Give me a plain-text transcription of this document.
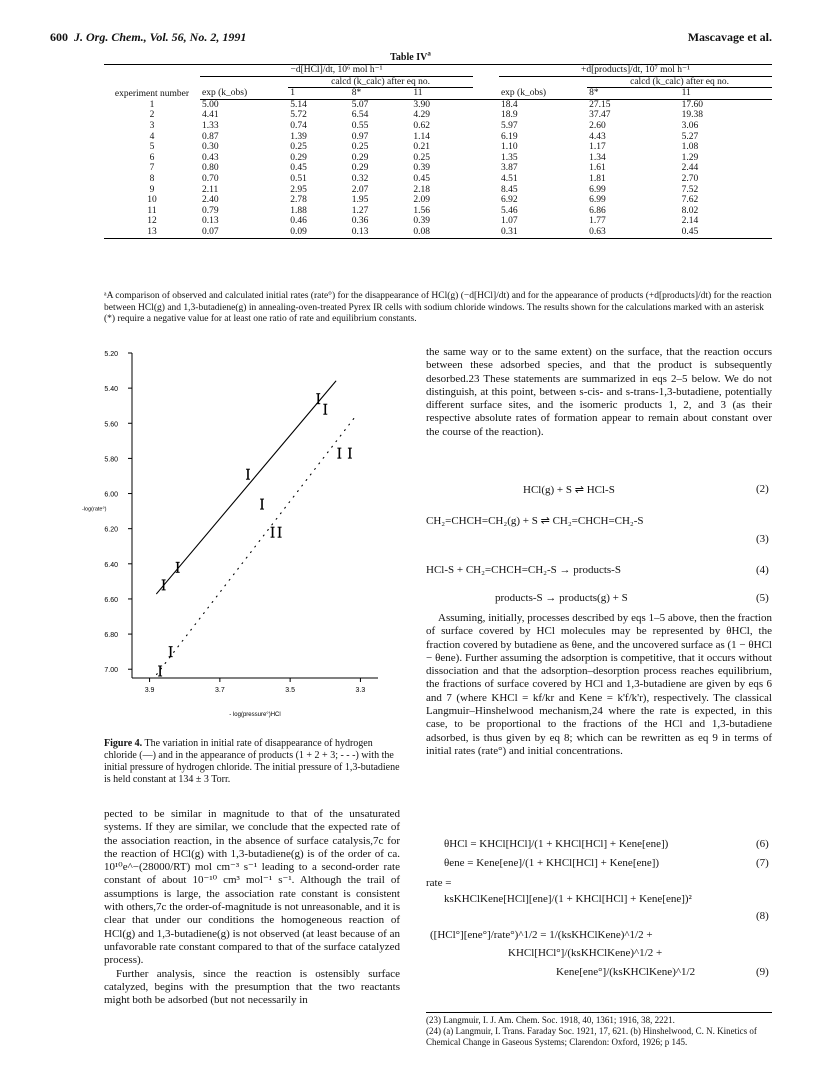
600 J. Org. Chem., Vol. 56, No. 2, 1991	Mascavage et al.
Table $IV^a$
	−d[HCl]/dt, 10⁶ mol h⁻¹					+d[products]/dt, 10⁷ mol h⁻¹		
experiment number		calcd (k_calc) after eq no.					calcd (k_calc) after eq no.	
	exp (k_obs)	1	8*	11		exp (k_obs)	8*	11
1	5.00	5.14	5.07	3.90		18.4	27.15	17.60
2	4.41	5.72	6.54	4.29		18.9	37.47	19.38
3	1.33	0.74	0.55	0.62		5.97	2.60	3.06
4	0.87	1.39	0.97	1.14		6.19	4.43	5.27
5	0.30	0.25	0.25	0.21		1.10	1.17	1.08
6	0.43	0.29	0.29	0.25		1.35	1.34	1.29
7	0.80	0.45	0.29	0.39		3.87	1.61	2.44
8	0.70	0.51	0.32	0.45		4.51	1.81	2.70
9	2.11	2.95	2.07	2.18		8.45	6.99	7.52
10	2.40	2.78	1.95	2.09		6.92	6.99	7.62
11	0.79	1.88	1.27	1.56		5.46	6.86	8.02
12	0.13	0.46	0.36	0.39		1.07	1.77	2.14
13	0.07	0.09	0.13	0.08		0.31	0.63	0.45
ᵃA comparison of observed and calculated initial rates (rate°) for the disappearance of HCl(g) (−d[HCl]/dt) and for the appearance of products (+d[products]/dt) for the reaction between HCl(g) and 1,3-butadiene(g) in annealing-oven-treated Pyrex IR cells with sodium chloride windows. The results shown for the calculations marked with an asterisk (*) require a negative value for at least one ratio of rate and equilibrium constants.
5.20
5.40
5.60
5.80
6.00
6.20
6.40
6.60
6.80
7.00
3.9	3.7	3.5	3.3
-log(rate°)
- log(pressure°)HCl
Figure 4. The variation in initial rate of disappearance of hydrogen chloride (—) and in the appearance of products (1 + 2 + 3; - - -) with the initial pressure of hydrogen chloride. The initial pressure of 1,3-butadiene is held constant at 134 ± 3 Torr.

pected to be similar in magnitude to that of the unsaturated systems. If they are similar, we conclude that the expected rate of the association reaction, in the absence of surface catalysis,7c for the reaction of HCl(g) with 1,3-butadiene(g) is of the order of ca. 10¹⁰e^−(28000/RT) mol cm⁻³ s⁻¹ leading to a second-order rate constant of about 10⁻¹⁰ cm³ mol⁻¹ s⁻¹. Although the trail of assumptions is large, the association rate constant is consistent with others,7c the order-of-magnitude is not unreasonable, and it is clear that under our conditions the homogeneous reaction of HCl(g) and 1,3-butadiene(g) is not observed (at least because of an unfavorable rate constant compared to that of the surface catalyzed process).

Further analysis, since the reaction is ostensibly surface catalyzed, begins with the presumption that the two reactants might both be adsorbed (but not necessarily in

the same way or to the same extent) on the surface, that the reaction occurs between these adsorbed species, and that the product is subsequently desorbed.23 These statements are summarized in eqs 2–5 below. We do not distinguish, at this point, between s-cis- and s-trans-1,3-butadiene, potentially different surface sites, and the isomeric products 1, 2, and 3 (as their respective absolute rates of formation appear to remain about constant over the course of the reaction).

HCl(g) + S ⇌ HCl-S	(2)
CH₂=CHCH=CH₂(g) + S ⇌ CH₂=CHCH=CH₂-S
(3)
HCl-S + CH₂=CHCH=CH₂-S → products-S	(4)
products-S → products(g) + S	(5)

Assuming, initially, processes described by eqs 1–5 above, then the fraction of surface covered by HCl molecules may be represented by θHCl, the fraction covered by butadiene as θene, and the uncovered surface as (1 − θHCl − θene). Further assuming the adsorption is competitive, that it occurs without dissociation and that the adsorption–desorption process reaches equilibrium, the fractions of surface covered by HCl and 1,3-butadiene are given by eqs 6 and 7 (where KHCl = kf/kr and Kene = k'f/k'r), respectively. The classical Langmuir–Hinshelwood mechanism,24 where the rate is expected, in this case, to be proportional to the fractions of the HCl and 1,3-butadiene adsorbed, is thus given by eq 8; which can be rewritten as eq 9 in terms of initial rates (rate°) and initial concentrations.

θHCl = KHCl[HCl]/(1 + KHCl[HCl] + Kene[ene])	(6)
θene = Kene[ene]/(1 + KHCl[HCl] + Kene[ene])	(7)
rate =
ksKHClKene[HCl][ene]/(1 + KHCl[HCl] + Kene[ene])²
(8)
([HCl°][ene°]/rate°)^1/2 = 1/(ksKHClKene)^1/2 +
KHCl[HCl°]/(ksKHClKene)^1/2 +
Kene[ene°]/(ksKHClKene)^1/2	(9)
(23) Langmuir, I. J. Am. Chem. Soc. 1918, 40, 1361; 1916, 38, 2221.
(24) (a) Langmuir, I. Trans. Faraday Soc. 1921, 17, 621. (b) Hinshelwood, C. N. Kinetics of Chemical Change in Gaseous Systems; Clarendon: Oxford, 1926; p 145.
